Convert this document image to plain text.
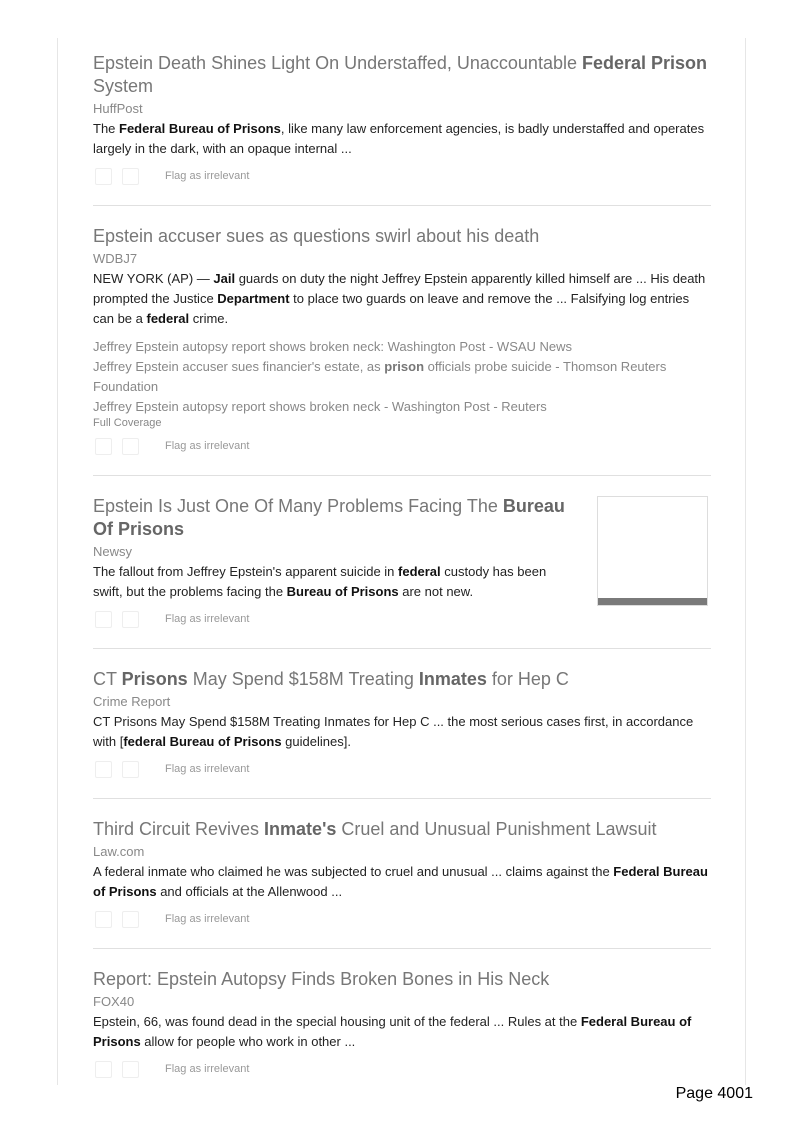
Epstein Death Shines Light On Understaffed, Unaccountable Federal Prison System
HuffPost
The Federal Bureau of Prisons, like many law enforcement agencies, is badly understaffed and operates largely in the dark, with an opaque internal ...
Flag as irrelevant
Epstein accuser sues as questions swirl about his death
WDBJ7
NEW YORK (AP) — Jail guards on duty the night Jeffrey Epstein apparently killed himself are ... His death prompted the Justice Department to place two guards on leave and remove the ... Falsifying log entries can be a federal crime.
Jeffrey Epstein autopsy report shows broken neck: Washington Post - WSAU News
Jeffrey Epstein accuser sues financier's estate, as prison officials probe suicide - Thomson Reuters Foundation
Jeffrey Epstein autopsy report shows broken neck - Washington Post - Reuters
Full Coverage
Flag as irrelevant
Epstein Is Just One Of Many Problems Facing The Bureau Of Prisons
Newsy
The fallout from Jeffrey Epstein's apparent suicide in federal custody has been swift, but the problems facing the Bureau of Prisons are not new.
Flag as irrelevant
CT Prisons May Spend $158M Treating Inmates for Hep C
Crime Report
CT Prisons May Spend $158M Treating Inmates for Hep C ... the most serious cases first, in accordance with [federal Bureau of Prisons guidelines].
Flag as irrelevant
Third Circuit Revives Inmate's Cruel and Unusual Punishment Lawsuit
Law.com
A federal inmate who claimed he was subjected to cruel and unusual ... claims against the Federal Bureau of Prisons and officials at the Allenwood ...
Flag as irrelevant
Report: Epstein Autopsy Finds Broken Bones in His Neck
FOX40
Epstein, 66, was found dead in the special housing unit of the federal ... Rules at the Federal Bureau of Prisons allow for people who work in other ...
Flag as irrelevant
Page 4001
